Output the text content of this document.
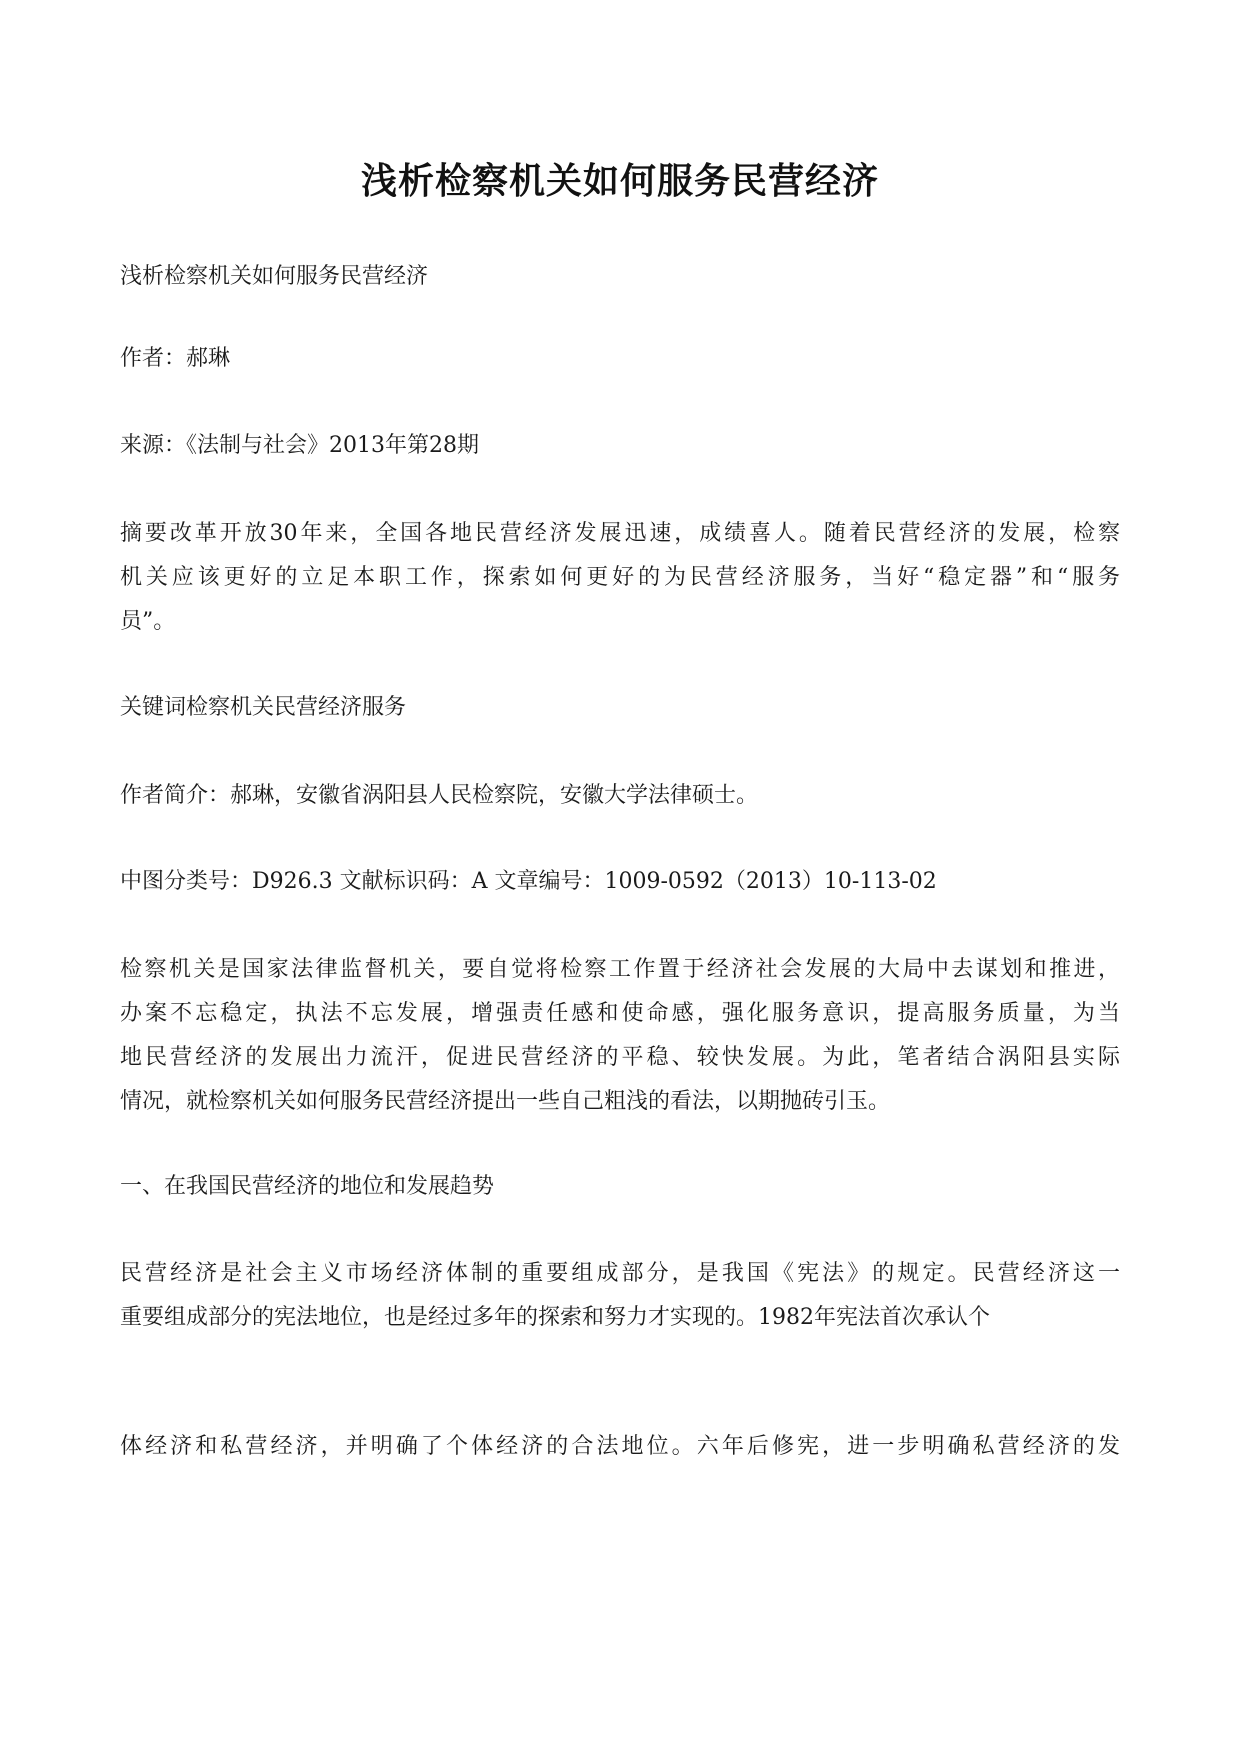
浅析检察机关如何服务民营经济

浅析检察机关如何服务民营经济

作者：郝琳

来源：《法制与社会》2013年第28期

摘要改革开放30年来，全国各地民营经济发展迅速，成绩喜人。随着民营经济的发展，检察
机关应该更好的立足本职工作，探索如何更好的为民营经济服务，当好“稳定器”和“服务
员”。

关键词检察机关民营经济服务

作者简介：郝琳，安徽省涡阳县人民检察院，安徽大学法律硕士。

中图分类号：D926.3 文献标识码：A 文章编号：1009-0592（2013）10-113-02

检察机关是国家法律监督机关，要自觉将检察工作置于经济社会发展的大局中去谋划和推进，
办案不忘稳定，执法不忘发展，增强责任感和使命感，强化服务意识，提高服务质量，为当
地民营经济的发展出力流汗，促进民营经济的平稳、较快发展。为此，笔者结合涡阳县实际
情况，就检察机关如何服务民营经济提出一些自己粗浅的看法，以期抛砖引玉。

一、在我国民营经济的地位和发展趋势

民营经济是社会主义市场经济体制的重要组成部分，是我国《宪法》的规定。民营经济这一
重要组成部分的宪法地位，也是经过多年的探索和努力才实现的。1982年宪法首次承认个
体经济和私营经济，并明确了个体经济的合法地位。六年后修宪，进一步明确私营经济的发
